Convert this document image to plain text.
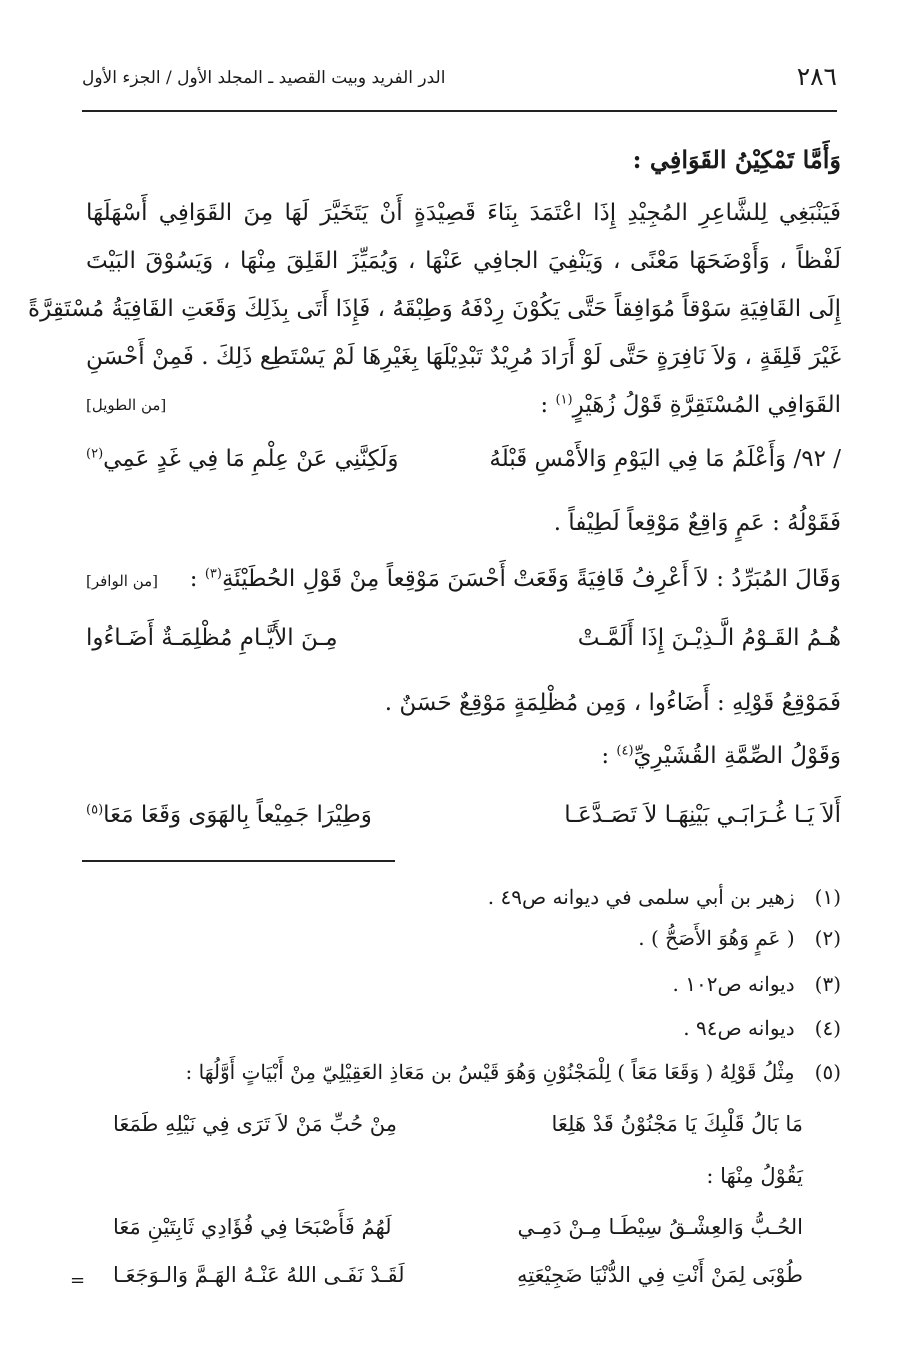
٢٨٦
الدر الفريد وبيت القصيد ـ المجلد الأول / الجزء الأول
وَأَمَّا تَمْكِيْنُ القَوَافِي :
فَيَنْبَغِي لِلشَّاعِرِ المُجِيْدِ إِذَا اعْتَمَدَ بِنَاءَ قَصِيْدَةٍ أَنْ يَتَخَيَّرَ لَهَا مِنَ القَوَافِي أَسْهَلَهَا
لَفْظاً ، وَأَوْضَحَهَا مَعْنًى ، وَيَنْفِيَ الجافِي عَنْهَا ، وَيُمَيِّزَ القَلِقَ مِنْهَا ، وَيَسُوْقَ البَيْتَ
إِلَى القَافِيَةِ سَوْقاً مُوَافِقاً حَتَّى يَكُوْنَ رِدْفَهُ وَطِبْقَهُ ، فَإِذَا أَتَى بِذَلِكَ وَقَعَتِ القَافِيَةُ مُسْتَقِرَّةً
غَيْرَ قَلِقَةٍ ، وَلاَ نَافِرَةٍ حَتَّى لَوْ أَرَادَ مُرِيْدٌ تَبْدِيْلَهَا بِغَيْرِهَا لَمْ يَسْتَطِع ذَلِكَ . فَمِنْ أَحْسَنِ
القَوَافِي المُسْتَقِرَّةِ قَوْلُ زُهَيْرٍ$^{(١)}$ :
[من الطويل]
/ ٩٢/ وَأَعْلَمُ مَا فِي اليَوْمِ وَالأَمْسِ قَبْلَهُ
وَلَكِنَّنِي عَنْ عِلْمِ مَا فِي غَدٍ عَمِي$^{(٢)}$
فَقَوْلُهُ : عَمٍ وَاقِعٌ مَوْقِعاً لَطِيْفاً .
وَقَالَ المُبَرِّدُ : لاَ أَعْرِفُ قَافِيَةً وَقَعَتْ أَحْسَنَ مَوْقِعاً مِنْ قَوْلِ الحُطَيْئَةِ$^{(٣)}$ :
[من الوافر]
هُـمُ القَـوْمُ الَّـذِيْـنَ إِذَا أَلَمَّـتْ
مِـنَ الأَيَّـامِ مُظْلِمَـةٌ أَضَـاءُوا
فَمَوْقِعُ قَوْلِهِ : أَضَاءُوا ، وَمِن مُظْلِمَةٍ مَوْقِعٌ حَسَنٌ .
وَقَوْلُ الصِّمَّةِ القُشَيْرِيِّ$^{(٤)}$ :
أَلاَ يَـا غُـرَابَـي بَيْنِهَـا لاَ تَصَـدَّعَـا
وَطِيْرَا جَمِيْعاً بِالهَوَى وَقَعَا مَعَا$^{(٥)}$
(١) زهير بن أبي سلمى في ديوانه ص٤٩ .
(٢) ( عَمٍ وَهُوَ الأَصَحُّ ) .
(٣) ديوانه ص١٠٢ .
(٤) ديوانه ص٩٤ .
(٥) مِثْلُ قَوْلِهُ ( وَقَعَا مَعَاً ) لِلْمَجْنُوْنِ وَهُوَ قَيْسُ بن مَعَاذِ العَقِيْلِيّ مِنْ أَبْيَاتٍ أَوَّلُهَا :
مَا بَالُ قَلْبِكَ يَا مَجْنُوْنُ قَدْ هَلِعَا
مِنْ حُبِّ مَنْ لاَ تَرَى فِي نَيْلِهِ طَمَعَا
يَقُوْلُ مِنْهَا :
الحُـبُّ وَالعِشْـقُ سِيْطَـا مِـنْ دَمِـي
لَهُمُ فَأَصْبَحَا فِي فُؤَادِي ثَابِتَيْنِ مَعَا
طُوْبَى لِمَنْ أَنْتِ فِي الدُّنْيَا ضَجِيْعَتِهِ
لَقَـدْ نَفَـى اللهُ عَنْـهُ الهَـمَّ وَالـوَجَعَـا
=
